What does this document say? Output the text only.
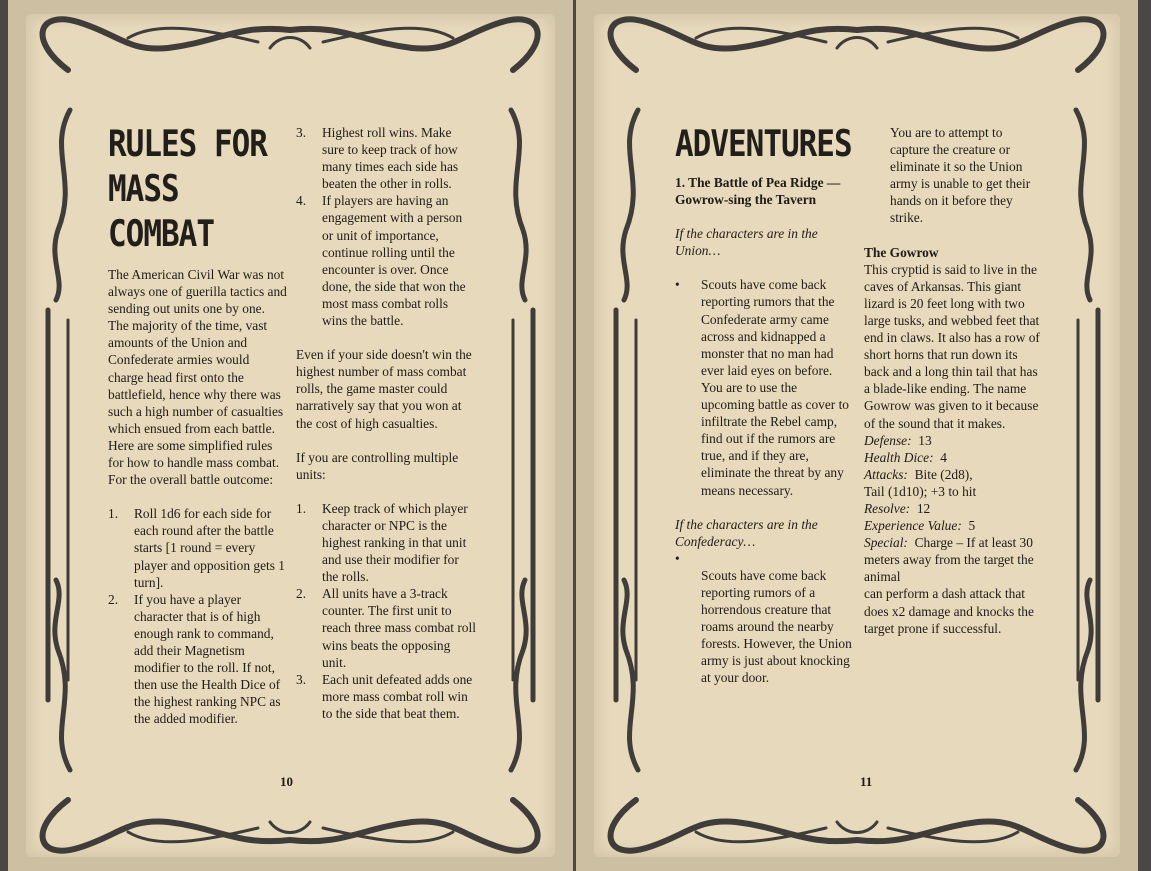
RULES FOR
MASS COMBAT

The American Civil War was not always one of guerilla tactics and sending out units one by one. The majority of the time, vast amounts of the Union and Confederate armies would charge head first onto the battlefield, hence why there was such a high number of casualties which ensued from each battle. Here are some simplified rules for how to handle mass combat.

For the overall battle outcome:

1. Roll 1d6 for each side for each round after the battle starts [1 round = every player and opposition gets 1 turn].
2. If you have a player character that is of high enough rank to command, add their Magnetism modifier to the roll. If not, then use the Health Dice of the highest ranking NPC as the added modifier.
3. Highest roll wins. Make sure to keep track of how many times each side has beaten the other in rolls.
4. If players are having an engagement with a person or unit of importance, continue rolling until the encounter is over. Once done, the side that won the most mass combat rolls wins the battle.

Even if your side doesn't win the highest number of mass combat rolls, the game master could narratively say that you won at the cost of high casualties.

If you are controlling multiple units:

1. Keep track of which player character or NPC is the highest ranking in that unit and use their modifier for the rolls.
2. All units have a 3-track counter. The first unit to reach three mass combat roll wins beats the opposing unit.
3. Each unit defeated adds one more mass combat roll win to the side that beat them.
10
ADVENTURES

1. The Battle of Pea Ridge — Gowrow-sing the Tavern

If the characters are in the Union…

• Scouts have come back reporting rumors that the Confederate army came across and kidnapped a monster that no man had ever laid eyes on before. You are to use the upcoming battle as cover to infiltrate the Rebel camp, find out if the rumors are true, and if they are, eliminate the threat by any means necessary.

If the characters are in the Confederacy…

•
Scouts have come back reporting rumors of a horrendous creature that roams around the nearby forests. However, the Union army is just about knocking at your door.

You are to attempt to capture the creature or eliminate it so the Union army is unable to get their hands on it before they strike.

The Gowrow

This cryptid is said to live in the caves of Arkansas. This giant lizard is 20 feet long with two large tusks, and webbed feet that end in claws. It also has a row of short horns that run down its back and a long thin tail that has a blade-like ending. The name Gowrow was given to it because of the sound that it makes.

Defense: 13

Health Dice: 4

Attacks: Bite (2d8),

Tail (1d10); +3 to hit

Resolve: 12

Experience Value: 5

Special: Charge – If at least 30 meters away from the target the animal

can perform a dash attack that does x2 damage and knocks the target prone if successful.

11
